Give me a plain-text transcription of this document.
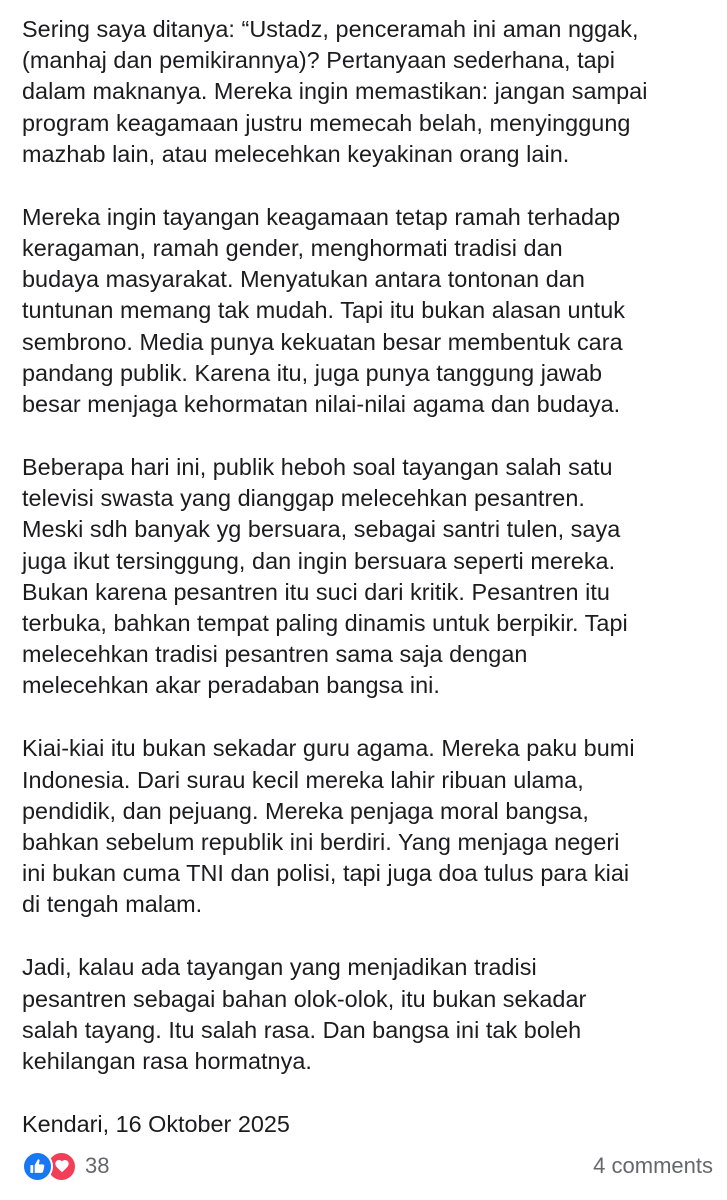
Sering saya ditanya: “Ustadz, penceramah ini aman nggak,
(manhaj dan pemikirannya)? Pertanyaan sederhana, tapi
dalam maknanya. Mereka ingin memastikan: jangan sampai
program keagamaan justru memecah belah, menyinggung
mazhab lain, atau melecehkan keyakinan orang lain.

Mereka ingin tayangan keagamaan tetap ramah terhadap
keragaman, ramah gender, menghormati tradisi dan
budaya masyarakat. Menyatukan antara tontonan dan
tuntunan memang tak mudah. Tapi itu bukan alasan untuk
sembrono. Media punya kekuatan besar membentuk cara
pandang publik. Karena itu, juga punya tanggung jawab
besar menjaga kehormatan nilai-nilai agama dan budaya.

Beberapa hari ini, publik heboh soal tayangan salah satu
televisi swasta yang dianggap melecehkan pesantren.
Meski sdh banyak yg bersuara, sebagai santri tulen, saya
juga ikut tersinggung, dan ingin bersuara seperti mereka.
Bukan karena pesantren itu suci dari kritik. Pesantren itu
terbuka, bahkan tempat paling dinamis untuk berpikir. Tapi
melecehkan tradisi pesantren sama saja dengan
melecehkan akar peradaban bangsa ini.

Kiai-kiai itu bukan sekadar guru agama. Mereka paku bumi
Indonesia. Dari surau kecil mereka lahir ribuan ulama,
pendidik, dan pejuang. Mereka penjaga moral bangsa,
bahkan sebelum republik ini berdiri. Yang menjaga negeri
ini bukan cuma TNI dan polisi, tapi juga doa tulus para kiai
di tengah malam.

Jadi, kalau ada tayangan yang menjadikan tradisi
pesantren sebagai bahan olok-olok, itu bukan sekadar
salah tayang. Itu salah rasa. Dan bangsa ini tak boleh
kehilangan rasa hormatnya.

Kendari, 16 Oktober 2025

38	4 comments
